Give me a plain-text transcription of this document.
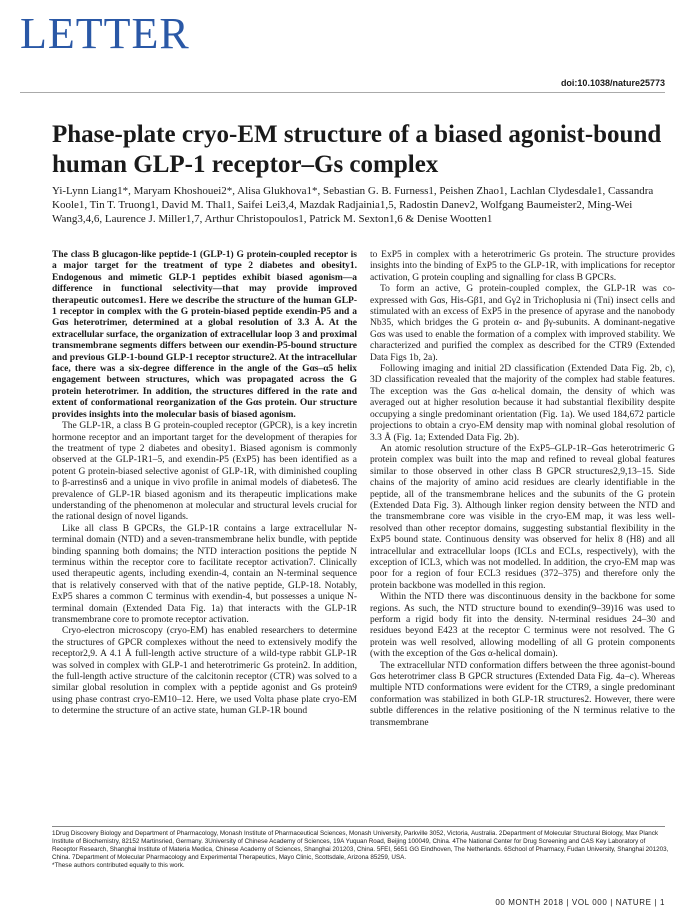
LETTER
doi:10.1038/nature25773
Phase-plate cryo-EM structure of a biased agonist-bound human GLP-1 receptor–Gs complex
Yi-Lynn Liang1*, Maryam Khoshouei2*, Alisa Glukhova1*, Sebastian G. B. Furness1, Peishen Zhao1, Lachlan Clydesdale1, Cassandra Koole1, Tin T. Truong1, David M. Thal1, Saifei Lei3,4, Mazdak Radjainia1,5, Radostin Danev2, Wolfgang Baumeister2, Ming-Wei Wang3,4,6, Laurence J. Miller1,7, Arthur Christopoulos1, Patrick M. Sexton1,6 & Denise Wootten1

The class B glucagon-like peptide-1 (GLP-1) G protein-coupled receptor is a major target for the treatment of type 2 diabetes and obesity1. Endogenous and mimetic GLP-1 peptides exhibit biased agonism—a difference in functional selectivity—that may provide improved therapeutic outcomes1. Here we describe the structure of the human GLP-1 receptor in complex with the G protein-biased peptide exendin-P5 and a Gαs heterotrimer, determined at a global resolution of 3.3 Å. At the extracellular surface, the organization of extracellular loop 3 and proximal transmembrane segments differs between our exendin-P5-bound structure and previous GLP-1-bound GLP-1 receptor structure2. At the intracellular face, there was a six-degree difference in the angle of the Gαs–α5 helix engagement between structures, which was propagated across the G protein heterotrimer. In addition, the structures differed in the rate and extent of conformational reorganization of the Gαs protein. Our structure provides insights into the molecular basis of biased agonism.

The GLP-1R, a class B G protein-coupled receptor (GPCR), is a key incretin hormone receptor and an important target for the development of therapies for the treatment of type 2 diabetes and obesity1. Biased agonism is commonly observed at the GLP-1R1–5, and exendin-P5 (ExP5) has been identified as a potent G protein-biased selective agonist of GLP-1R, with diminished coupling to β-arrestins6 and a unique in vivo profile in animal models of diabetes6. The prevalence of GLP-1R biased agonism and its therapeutic implications make understanding of the phenomenon at molecular and structural levels crucial for the rational design of novel ligands.

Like all class B GPCRs, the GLP-1R contains a large extracellular N-terminal domain (NTD) and a seven-transmembrane helix bundle, with peptide binding spanning both domains; the NTD interaction positions the peptide N terminus within the receptor core to facilitate receptor activation7. Clinically used therapeutic agents, including exendin-4, contain an N-terminal sequence that is relatively conserved with that of the native peptide, GLP-18. Notably, ExP5 shares a common C terminus with exendin-4, but possesses a unique N-terminal domain (Extended Data Fig. 1a) that interacts with the GLP-1R transmembrane core to promote receptor activation.

Cryo-electron microscopy (cryo-EM) has enabled researchers to determine the structures of GPCR complexes without the need to extensively modify the receptor2,9. A 4.1 Å full-length active structure of a wild-type rabbit GLP-1R was solved in complex with GLP-1 and heterotrimeric Gs protein2. In addition, the full-length active structure of the calcitonin receptor (CTR) was solved to a similar global resolution in complex with a peptide agonist and Gs protein9 using phase contrast cryo-EM10–12. Here, we used Volta phase plate cryo-EM to determine the structure of an active state, human GLP-1R bound

to ExP5 in complex with a heterotrimeric Gs protein. The structure provides insights into the binding of ExP5 to the GLP-1R, with implications for receptor activation, G protein coupling and signalling for class B GPCRs.

To form an active, G protein-coupled complex, the GLP-1R was co-expressed with Gαs, His-Gβ1, and Gγ2 in Trichoplusia ni (Tni) insect cells and stimulated with an excess of ExP5 in the presence of apyrase and the nanobody Nb35, which bridges the G protein α- and βγ-subunits. A dominant-negative Gαs was used to enable the formation of a complex with improved stability. We characterized and purified the complex as described for the CTR9 (Extended Data Figs 1b, 2a).

Following imaging and initial 2D classification (Extended Data Fig. 2b, c), 3D classification revealed that the majority of the complex had stable features. The exception was the Gαs α-helical domain, the density of which was averaged out at higher resolution because it had substantial flexibility despite occupying a single predominant orientation (Fig. 1a). We used 184,672 particle projections to obtain a cryo-EM density map with nominal global resolution of 3.3 Å (Fig. 1a; Extended Data Fig. 2b).

An atomic resolution structure of the ExP5–GLP-1R–Gαs heterotrimeric G protein complex was built into the map and refined to reveal global features similar to those observed in other class B GPCR structures2,9,13–15. Side chains of the majority of amino acid residues are clearly identifiable in the peptide, all of the transmembrane helices and the subunits of the G protein (Extended Data Fig. 3). Although linker region density between the NTD and the transmembrane core was visible in the cryo-EM map, it was less well-resolved than other receptor domains, suggesting substantial flexibility in the ExP5 bound state. Continuous density was observed for helix 8 (H8) and all intracellular and extracellular loops (ICLs and ECLs, respectively), with the exception of ICL3, which was not modelled. In addition, the cryo-EM map was poor for a region of four ECL3 residues (372–375) and therefore only the protein backbone was modelled in this region.

Within the NTD there was discontinuous density in the backbone for some regions. As such, the NTD structure bound to exendin(9–39)16 was used to perform a rigid body fit into the density. N-terminal residues 24–30 and residues beyond E423 at the receptor C terminus were not resolved. The G protein was well resolved, allowing modelling of all G protein components (with the exception of the Gαs α-helical domain).

The extracellular NTD conformation differs between the three agonist-bound Gαs heterotrimer class B GPCR structures (Extended Data Fig. 4a–c). Whereas multiple NTD conformations were evident for the CTR9, a single predominant conformation was stabilized in both GLP-1R structures2. However, there were subtle differences in the relative positioning of the N terminus relative to the transmembrane

1Drug Discovery Biology and Department of Pharmacology, Monash Institute of Pharmaceutical Sciences, Monash University, Parkville 3052, Victoria, Australia. 2Department of Molecular Structural Biology, Max Planck Institute of Biochemistry, 82152 Martinsried, Germany. 3University of Chinese Academy of Sciences, 19A Yuquan Road, Beijing 100049, China. 4The National Center for Drug Screening and CAS Key Laboratory of Receptor Research, Shanghai Institute of Materia Medica, Chinese Academy of Sciences, Shanghai 201203, China. 5FEI, 5651 GG Eindhoven, The Netherlands. 6School of Pharmacy, Fudan University, Shanghai 201203, China. 7Department of Molecular Pharmacology and Experimental Therapeutics, Mayo Clinic, Scottsdale, Arizona 85259, USA.
*These authors contributed equally to this work.
00 MONTH 2018 | VOL 000 | NATURE | 1
